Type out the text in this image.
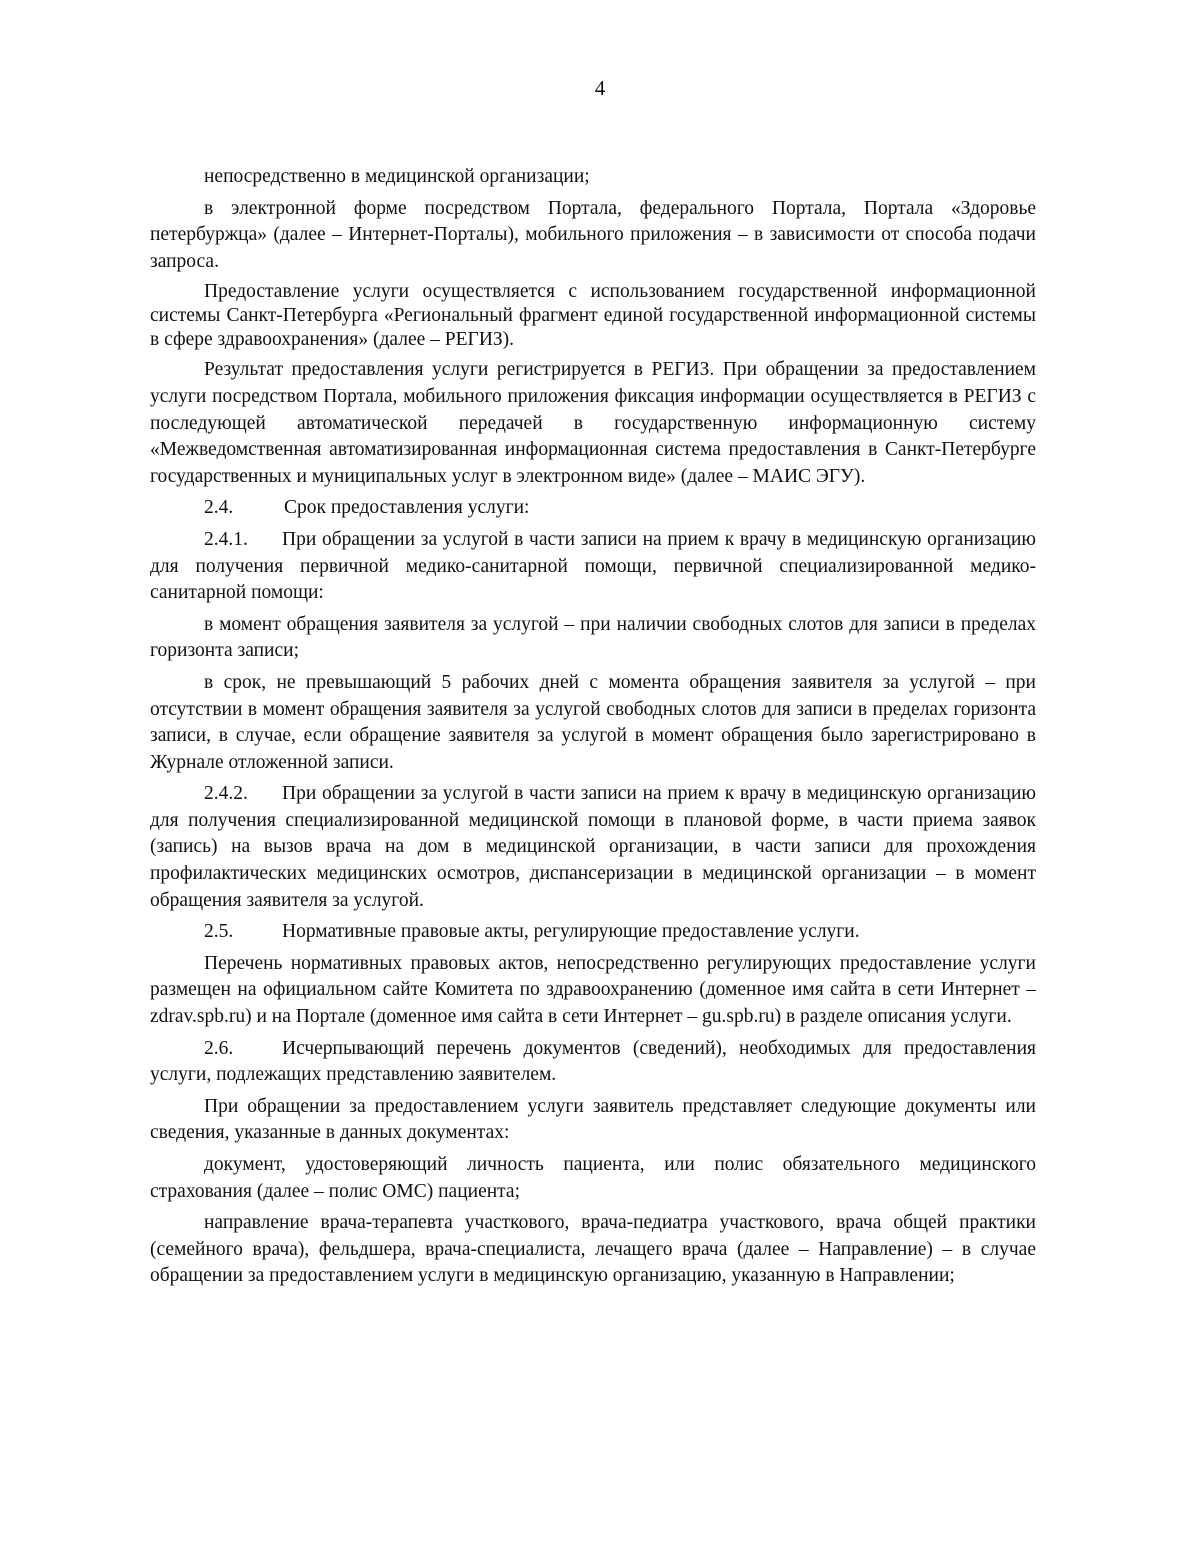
4

непосредственно в медицинской организации;

в электронной форме посредством Портала, федерального Портала, Портала «Здоровье петербуржца» (далее – Интернет-Порталы), мобильного приложения – в зависимости от способа подачи запроса.

Предоставление услуги осуществляется с использованием государственной информационной системы Санкт-Петербурга «Региональный фрагмент единой государственной информационной системы в сфере здравоохранения» (далее – РЕГИЗ).

Результат предоставления услуги регистрируется в РЕГИЗ. При обращении за предоставлением услуги посредством Портала, мобильного приложения фиксация информации осуществляется в РЕГИЗ с последующей автоматической передачей в государственную информационную систему «Межведомственная автоматизированная информационная система предоставления в Санкт-Петербурге государственных и муниципальных услуг в электронном виде» (далее – МАИС ЭГУ).

2.4.	Срок предоставления услуги:

2.4.1. При обращении за услугой в части записи на прием к врачу в медицинскую организацию для получения первичной медико-санитарной помощи, первичной специализированной медико-санитарной помощи:

в момент обращения заявителя за услугой – при наличии свободных слотов для записи в пределах горизонта записи;

в срок, не превышающий 5 рабочих дней с момента обращения заявителя за услугой – при отсутствии в момент обращения заявителя за услугой свободных слотов для записи в пределах горизонта записи, в случае, если обращение заявителя за услугой в момент обращения было зарегистрировано в Журнале отложенной записи.

2.4.2. При обращении за услугой в части записи на прием к врачу в медицинскую организацию для получения специализированной медицинской помощи в плановой форме, в части приема заявок (запись) на вызов врача на дом в медицинской организации, в части записи для прохождения профилактических медицинских осмотров, диспансеризации в медицинской организации – в момент обращения заявителя за услугой.

2.5.	Нормативные правовые акты, регулирующие предоставление услуги.

Перечень нормативных правовых актов, непосредственно регулирующих предоставление услуги размещен на официальном сайте Комитета по здравоохранению (доменное имя сайта в сети Интернет – zdrav.spb.ru) и на Портале (доменное имя сайта в сети Интернет – gu.spb.ru) в разделе описания услуги.

2.6.	Исчерпывающий перечень документов (сведений), необходимых для предоставления услуги, подлежащих представлению заявителем.

При обращении за предоставлением услуги заявитель представляет следующие документы или сведения, указанные в данных документах:

документ, удостоверяющий личность пациента, или полис обязательного медицинского страхования (далее – полис ОМС) пациента;

направление врача-терапевта участкового, врача-педиатра участкового, врача общей практики (семейного врача), фельдшера, врача-специалиста, лечащего врача (далее – Направление) – в случае обращении за предоставлением услуги в медицинскую организацию, указанную в Направлении;
